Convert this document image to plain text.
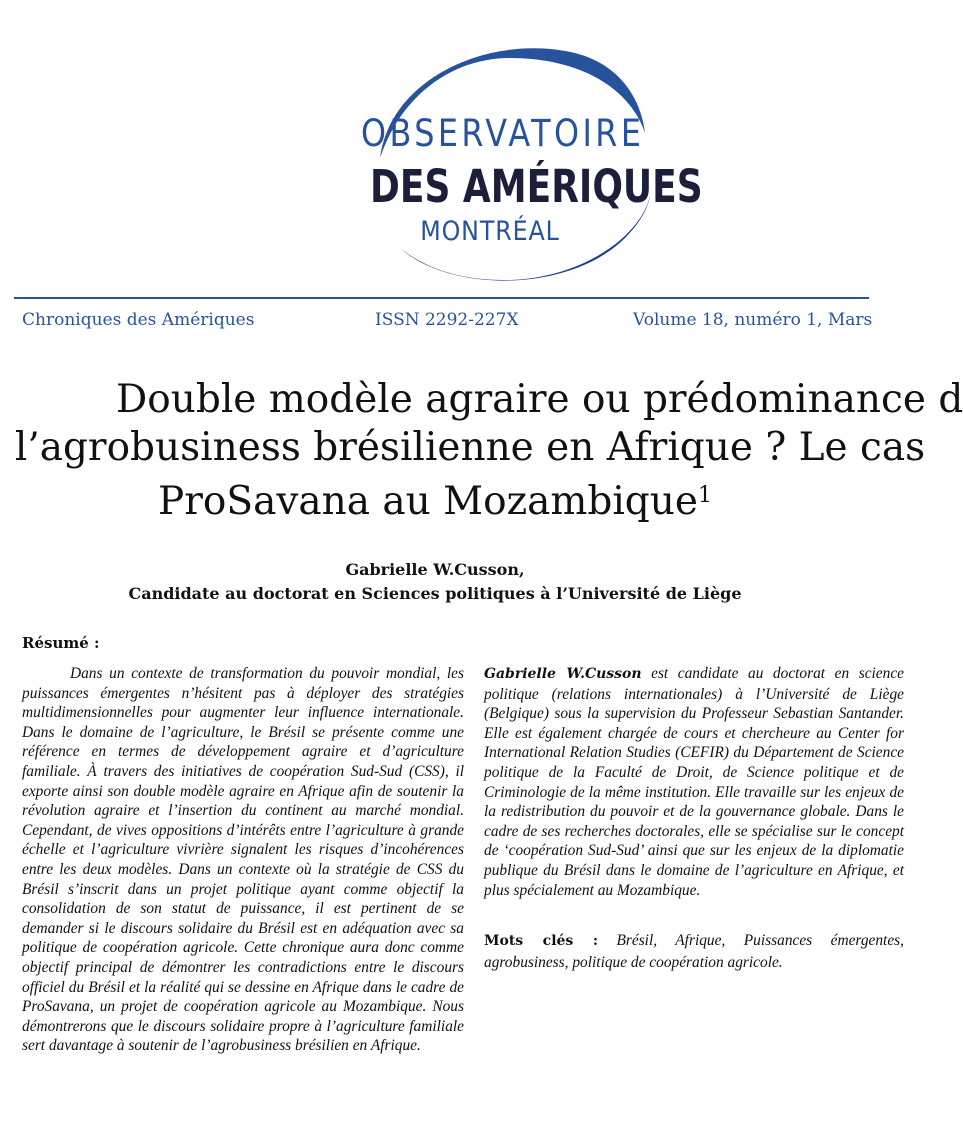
OBSERVATOIRE
DES AMÉRIQUES
MONTRÉAL
Chroniques des Amériques	ISSN 2292-227X	Volume 18, numéro 1, Mars
Double modèle agraire ou prédominance d
l’agrobusiness brésilienne en Afrique ? Le cas
ProSavana au Mozambique$^1$
Gabrielle W.Cusson,
Candidate au doctorat en Sciences politiques à l’Université de Liège
Résumé :
Dans un contexte de transformation du pouvoir mondial, les puissances émergentes n’hésitent pas à déployer des stratégies multidimensionnelles pour augmenter leur influence internationale. Dans le domaine de l’agriculture, le Brésil se présente comme une référence en termes de développement agraire et d’agriculture familiale. À travers des initiatives de coopération Sud-Sud (CSS), il exporte ainsi son double modèle agraire en Afrique afin de soutenir la révolution agraire et l’insertion du continent au marché mondial. Cependant, de vives oppositions d’intérêts entre l’agriculture à grande échelle et l’agriculture vivrière signalent les risques d’incohérences entre les deux modèles. Dans un contexte où la stratégie de CSS du Brésil s’inscrit dans un projet politique ayant comme objectif la consolidation de son statut de puissance, il est pertinent de se demander si le discours solidaire du Brésil est en adéquation avec sa politique de coopération agricole. Cette chronique aura donc comme objectif principal de démontrer les contradictions entre le discours officiel du Brésil et la réalité qui se dessine en Afrique dans le cadre de ProSavana, un projet de coopération agricole au Mozambique. Nous démontrerons que le discours solidaire propre à l’agriculture familiale sert davantage à soutenir de l’agrobusiness brésilien en Afrique.
Gabrielle W.Cusson est candidate au doctorat en science politique (relations internationales) à l’Université de Liège (Belgique) sous la supervision du Professeur Sebastian Santander. Elle est également chargée de cours et chercheure au Center for International Relation Studies (CEFIR) du Département de Science politique de la Faculté de Droit, de Science politique et de Criminologie de la même institution. Elle travaille sur les enjeux de la redistribution du pouvoir et de la gouvernance globale. Dans le cadre de ses recherches doctorales, elle se spécialise sur le concept de ‘coopération Sud-Sud’ ainsi que sur les enjeux de la diplomatie publique du Brésil dans le domaine de l’agriculture en Afrique, et plus spécialement au Mozambique.
Mots clés : Brésil, Afrique, Puissances émergentes, agrobusiness, politique de coopération agricole.
